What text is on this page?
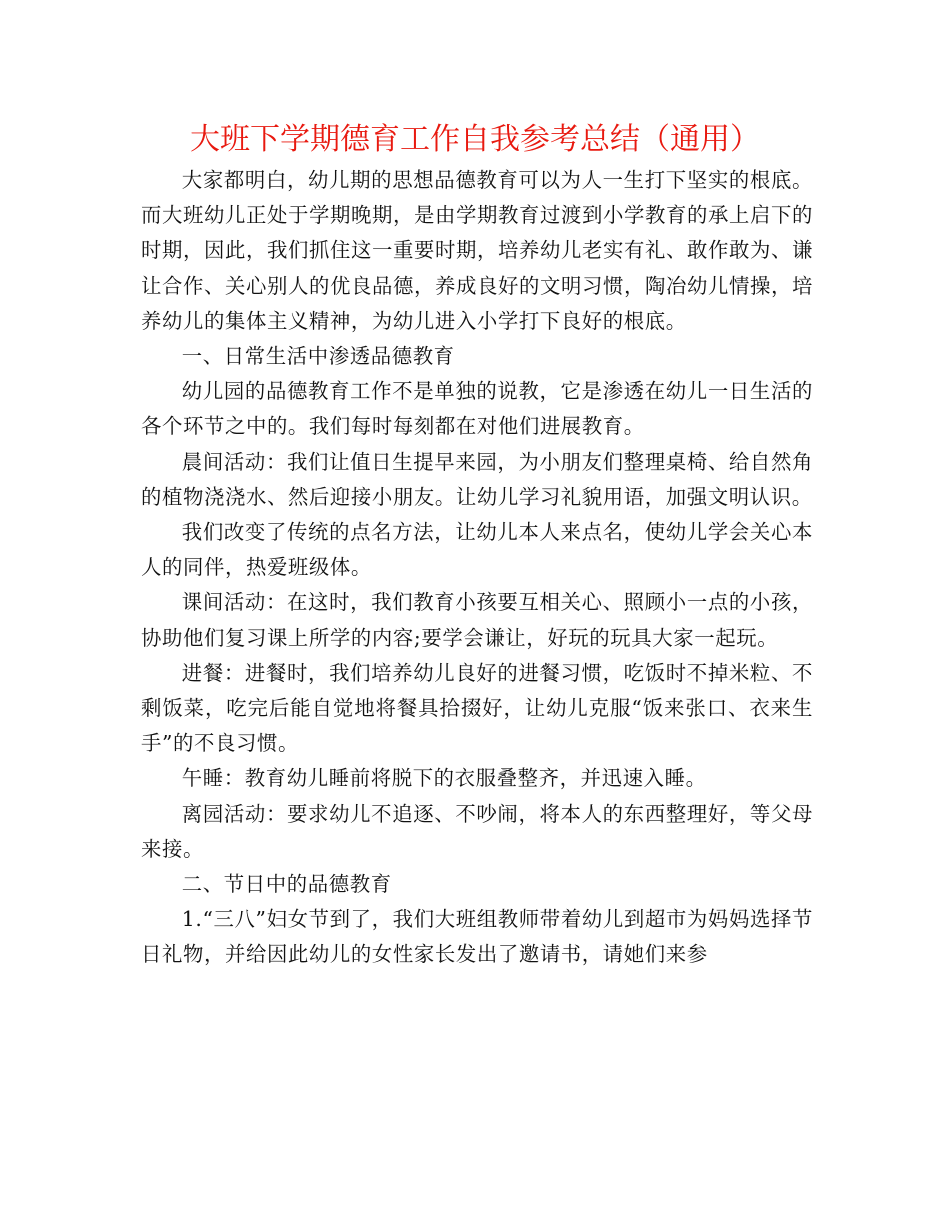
大班下学期德育工作自我参考总结（通用）

大家都明白，幼儿期的思想品德教育可以为人一生打下坚实的根底。而大班幼儿正处于学期晚期，是由学期教育过渡到小学教育的承上启下的时期，因此，我们抓住这一重要时期，培养幼儿老实有礼、敢作敢为、谦让合作、关心别人的优良品德，养成良好的文明习惯，陶冶幼儿情操，培养幼儿的集体主义精神，为幼儿进入小学打下良好的根底。

一、日常生活中渗透品德教育

幼儿园的品德教育工作不是单独的说教，它是渗透在幼儿一日生活的各个环节之中的。我们每时每刻都在对他们进展教育。

晨间活动：我们让值日生提早来园，为小朋友们整理桌椅、给自然角的植物浇浇水、然后迎接小朋友。让幼儿学习礼貌用语，加强文明认识。

我们改变了传统的点名方法，让幼儿本人来点名，使幼儿学会关心本人的同伴，热爱班级体。

课间活动：在这时，我们教育小孩要互相关心、照顾小一点的小孩，协助他们复习课上所学的内容;要学会谦让，好玩的玩具大家一起玩。

进餐：进餐时，我们培养幼儿良好的进餐习惯，吃饭时不掉米粒、不剩饭菜，吃完后能自觉地将餐具拾掇好，让幼儿克服“饭来张口、衣来生手”的不良习惯。

午睡：教育幼儿睡前将脱下的衣服叠整齐，并迅速入睡。

离园活动：要求幼儿不追逐、不吵闹，将本人的东西整理好，等父母来接。

二、节日中的品德教育

1.“三八”妇女节到了，我们大班组教师带着幼儿到超市为妈妈选择节日礼物，并给因此幼儿的女性家长发出了邀请书，请她们来参
